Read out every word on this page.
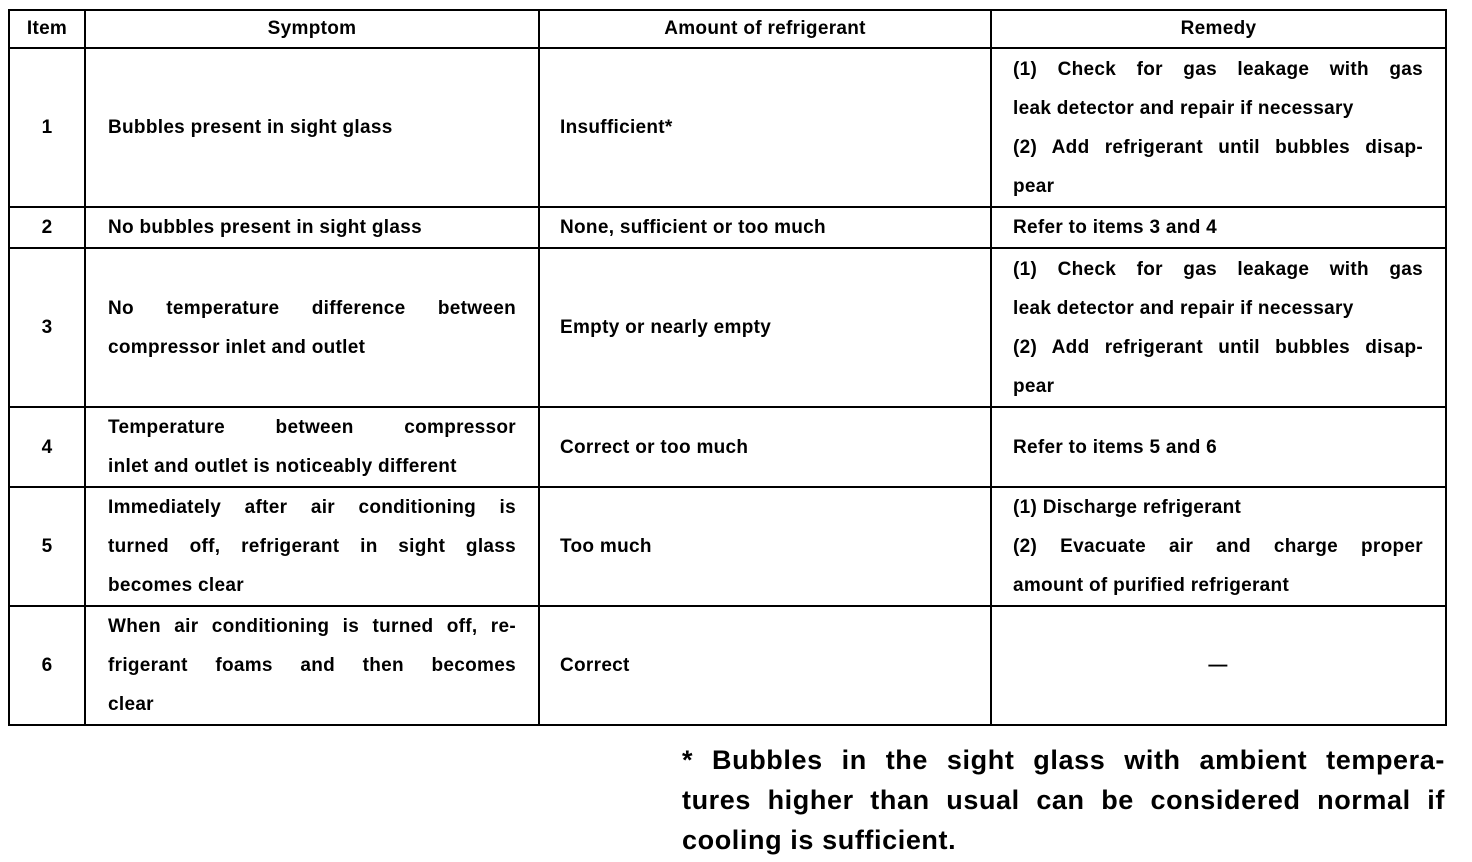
Item	Symptom	Amount of refrigerant	Remedy
1	Bubbles present in sight glass	Insufficient*	(1) Check for gas leakage with gas
leak detector and repair if necessary
(2) Add refrigerant until bubbles disap-
pear

2	No bubbles present in sight glass	None, sufficient or too much	Refer to items 3 and 4

3	No temperature difference between
compressor inlet and outlet	Empty or nearly empty	(1) Check for gas leakage with gas
leak detector and repair if necessary
(2) Add refrigerant until bubbles disap-
pear

4	Temperature between compressor
inlet and outlet is noticeably different	Correct or too much	Refer to items 5 and 6

5	Immediately after air conditioning is
turned off, refrigerant in sight glass
becomes clear	Too much	(1) Discharge refrigerant
(2) Evacuate air and charge proper
amount of purified refrigerant

6	When air conditioning is turned off, re-
frigerant foams and then becomes
clear	Correct	—
* Bubbles in the sight glass with ambient tempera-
tures higher than usual can be considered normal if
cooling is sufficient.
